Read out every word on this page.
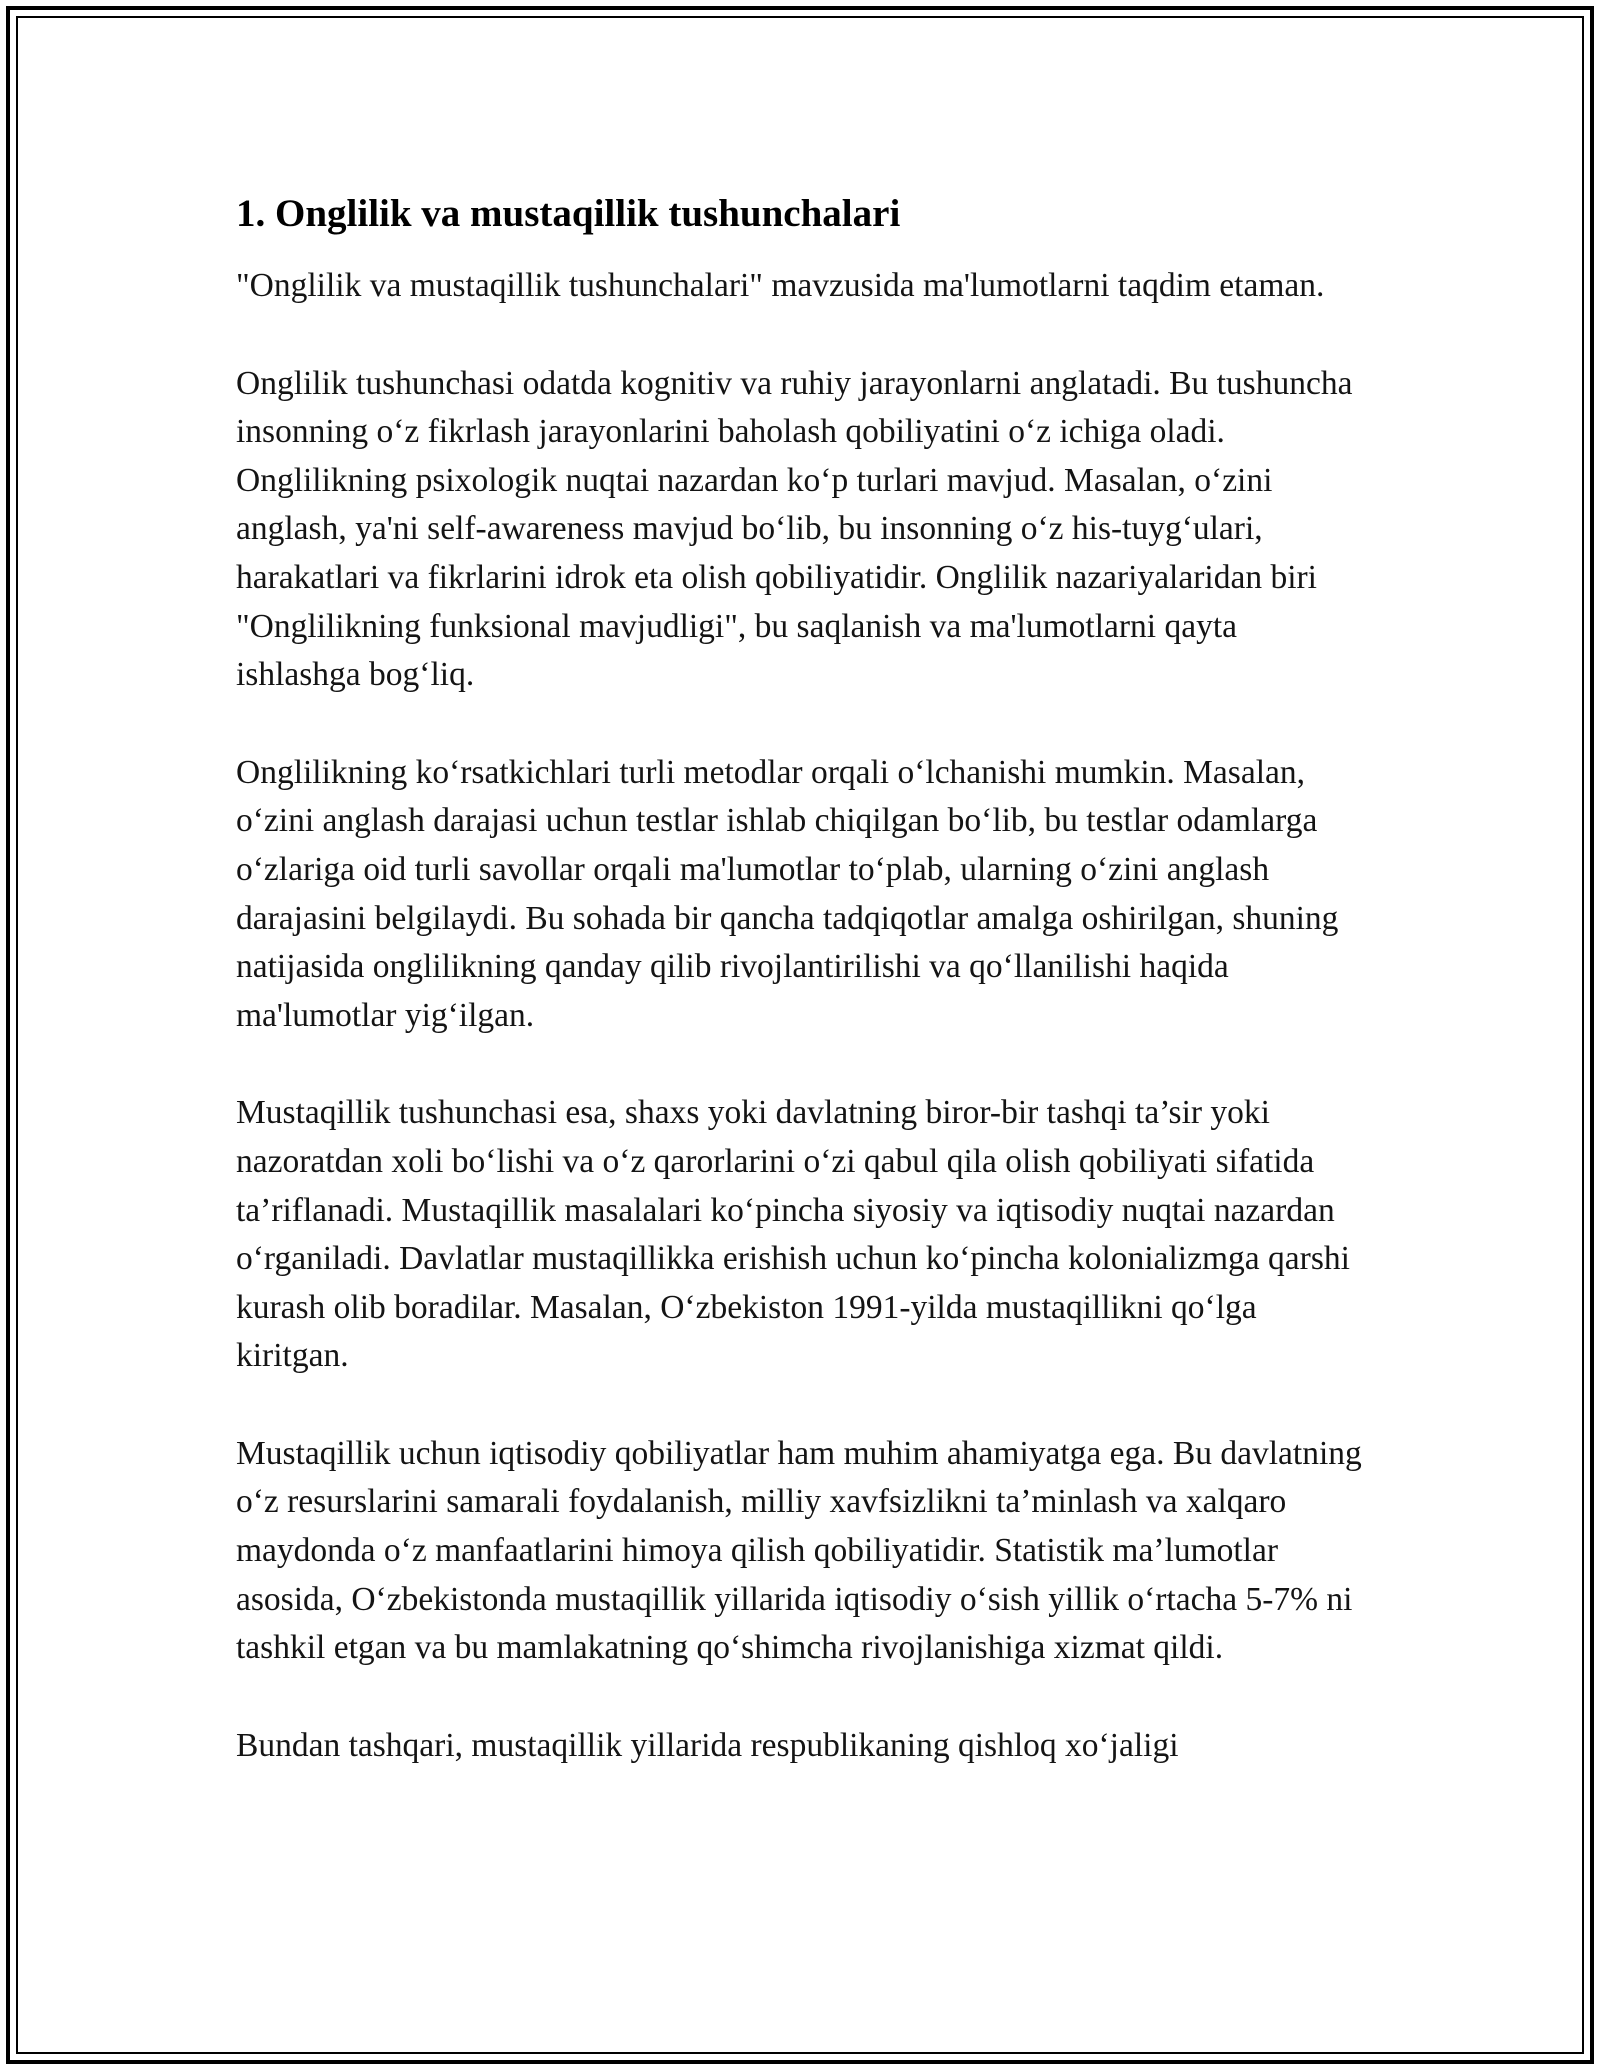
1. Onglilik va mustaqillik tushunchalari

"Onglilik va mustaqillik tushunchalari" mavzusida ma'lumotlarni taqdim etaman.

Onglilik tushunchasi odatda kognitiv va ruhiy jarayonlarni anglatadi. Bu tushuncha insonning o‘z fikrlash jarayonlarini baholash qobiliyatini o‘z ichiga oladi. Onglilikning psixologik nuqtai nazardan ko‘p turlari mavjud. Masalan, o‘zini anglash, ya'ni self-awareness mavjud bo‘lib, bu insonning o‘z his-tuyg‘ulari, harakatlari va fikrlarini idrok eta olish qobiliyatidir. Onglilik nazariyalaridan biri "Onglilikning funksional mavjudligi", bu saqlanish va ma'lumotlarni qayta ishlashga bog‘liq.

Onglilikning ko‘rsatkichlari turli metodlar orqali o‘lchanishi mumkin. Masalan, o‘zini anglash darajasi uchun testlar ishlab chiqilgan bo‘lib, bu testlar odamlarga o‘zlariga oid turli savollar orqali ma'lumotlar to‘plab, ularning o‘zini anglash darajasini belgilaydi. Bu sohada bir qancha tadqiqotlar amalga oshirilgan, shuning natijasida onglilikning qanday qilib rivojlantirilishi va qo‘llanilishi haqida ma'lumotlar yig‘ilgan.

Mustaqillik tushunchasi esa, shaxs yoki davlatning biror-bir tashqi ta’sir yoki nazoratdan xoli bo‘lishi va o‘z qarorlarini o‘zi qabul qila olish qobiliyati sifatida ta’riflanadi. Mustaqillik masalalari ko‘pincha siyosiy va iqtisodiy nuqtai nazardan o‘rganiladi. Davlatlar mustaqillikka erishish uchun ko‘pincha kolonializmga qarshi kurash olib boradilar. Masalan, O‘zbekiston 1991-yilda mustaqillikni qo‘lga kiritgan.

Mustaqillik uchun iqtisodiy qobiliyatlar ham muhim ahamiyatga ega. Bu davlatning o‘z resurslarini samarali foydalanish, milliy xavfsizlikni ta’minlash va xalqaro maydonda o‘z manfaatlarini himoya qilish qobiliyatidir. Statistik ma’lumotlar asosida, O‘zbekistonda mustaqillik yillarida iqtisodiy o‘sish yillik o‘rtacha 5-7% ni tashkil etgan va bu mamlakatning qo‘shimcha rivojlanishiga xizmat qildi.

Bundan tashqari, mustaqillik yillarida respublikaning qishloq xo‘jaligi
